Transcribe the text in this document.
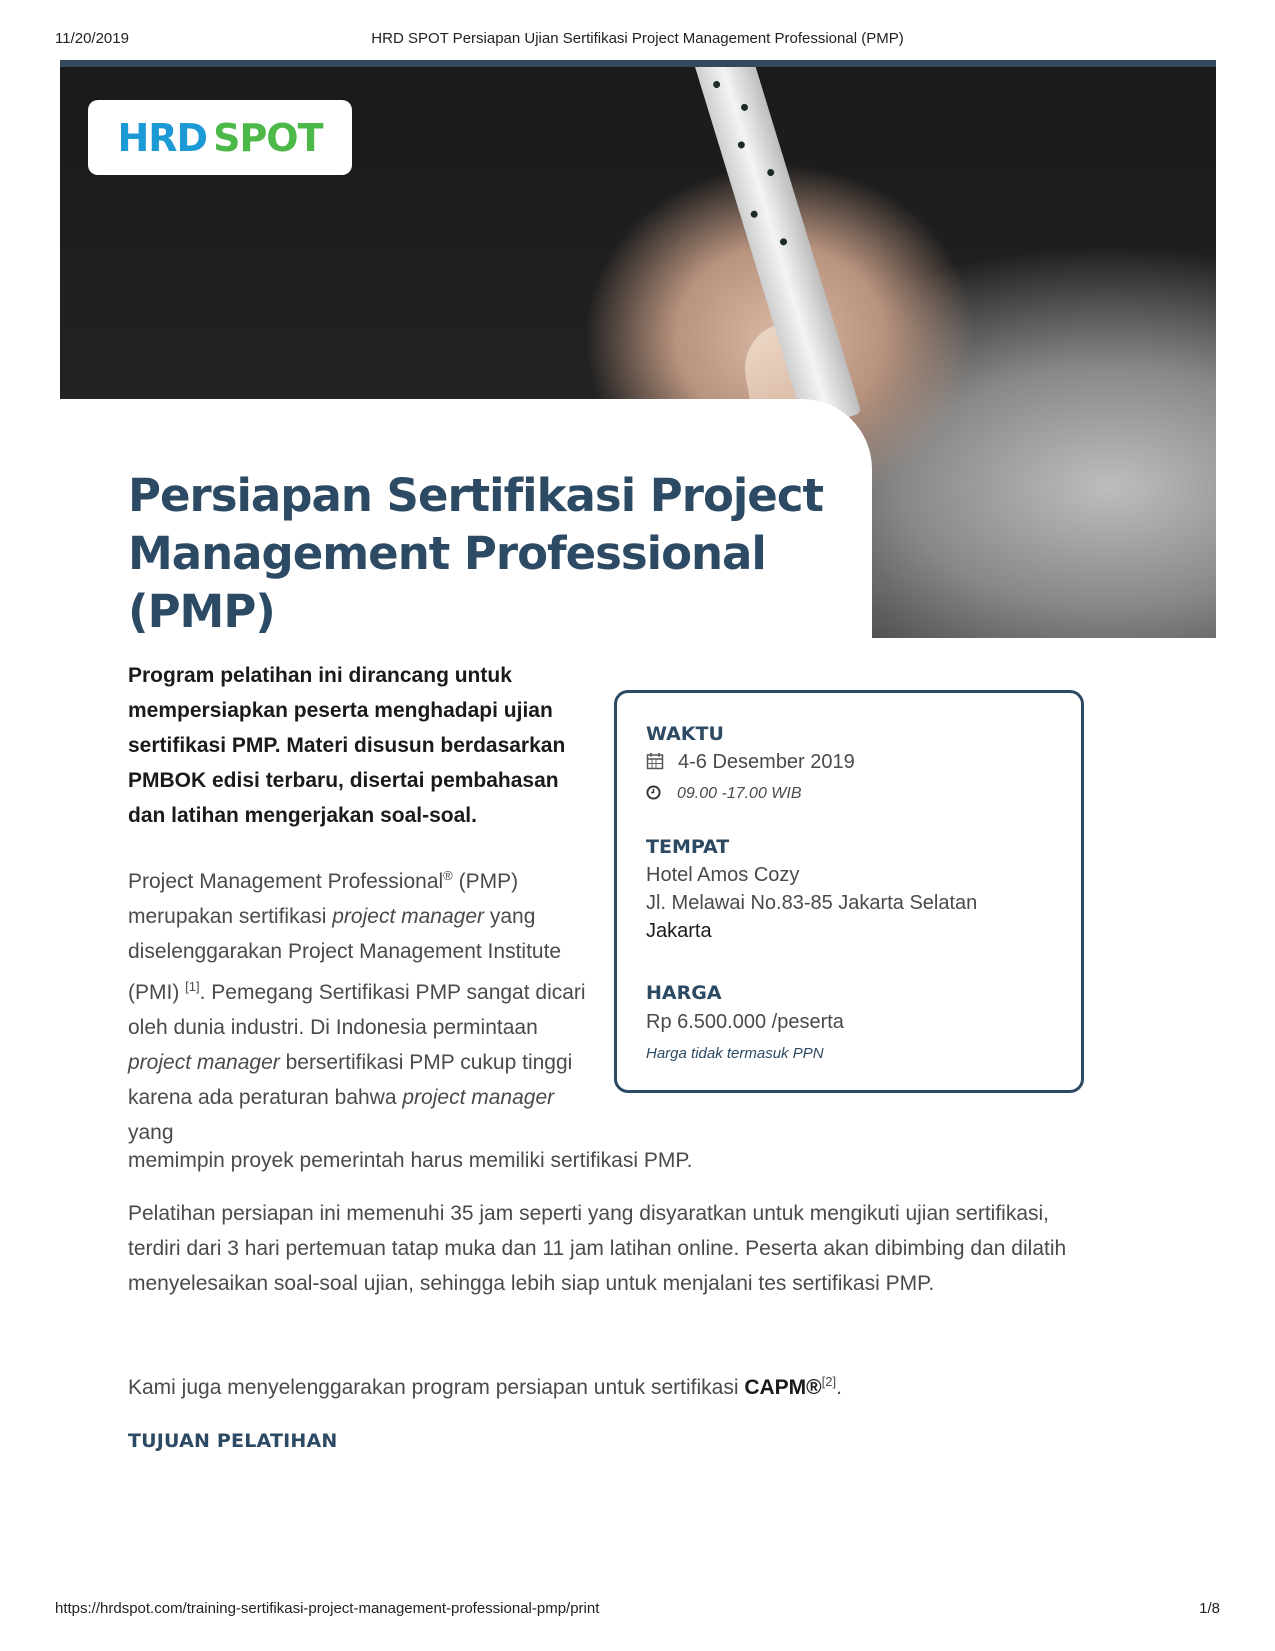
11/20/2019	HRD SPOT Persiapan Ujian Sertifikasi Project Management Professional (PMP)
HRD SPOT
Persiapan Sertifikasi Project Management Professional (PMP)
Program pelatihan ini dirancang untuk mempersiapkan peserta menghadapi ujian sertifikasi PMP. Materi disusun berdasarkan PMBOK edisi terbaru, disertai pembahasan dan latihan mengerjakan soal-soal.
Project Management Professional® (PMP) merupakan sertifikasi project manager yang diselenggarakan Project Management Institute (PMI) [1]. Pemegang Sertifikasi PMP sangat dicari oleh dunia industri. Di Indonesia permintaan project manager bersertifikasi PMP cukup tinggi karena ada peraturan bahwa project manager yang
memimpin proyek pemerintah harus memiliki sertifikasi PMP.
Pelatihan persiapan ini memenuhi 35 jam seperti yang disyaratkan untuk mengikuti ujian sertifikasi, terdiri dari 3 hari pertemuan tatap muka dan 11 jam latihan online. Peserta akan dibimbing dan dilatih menyelesaikan soal-soal ujian, sehingga lebih siap untuk menjalani tes sertifikasi PMP.
Kami juga menyelenggarakan program persiapan untuk sertifikasi CAPM®[2].
TUJUAN PELATIHAN
WAKTU
4-6 Desember 2019
09.00 -17.00 WIB
TEMPAT
Hotel Amos Cozy
Jl. Melawai No.83-85 Jakarta Selatan
Jakarta
HARGA
Rp 6.500.000 /peserta
Harga tidak termasuk PPN
https://hrdspot.com/training-sertifikasi-project-management-professional-pmp/print	1/8
